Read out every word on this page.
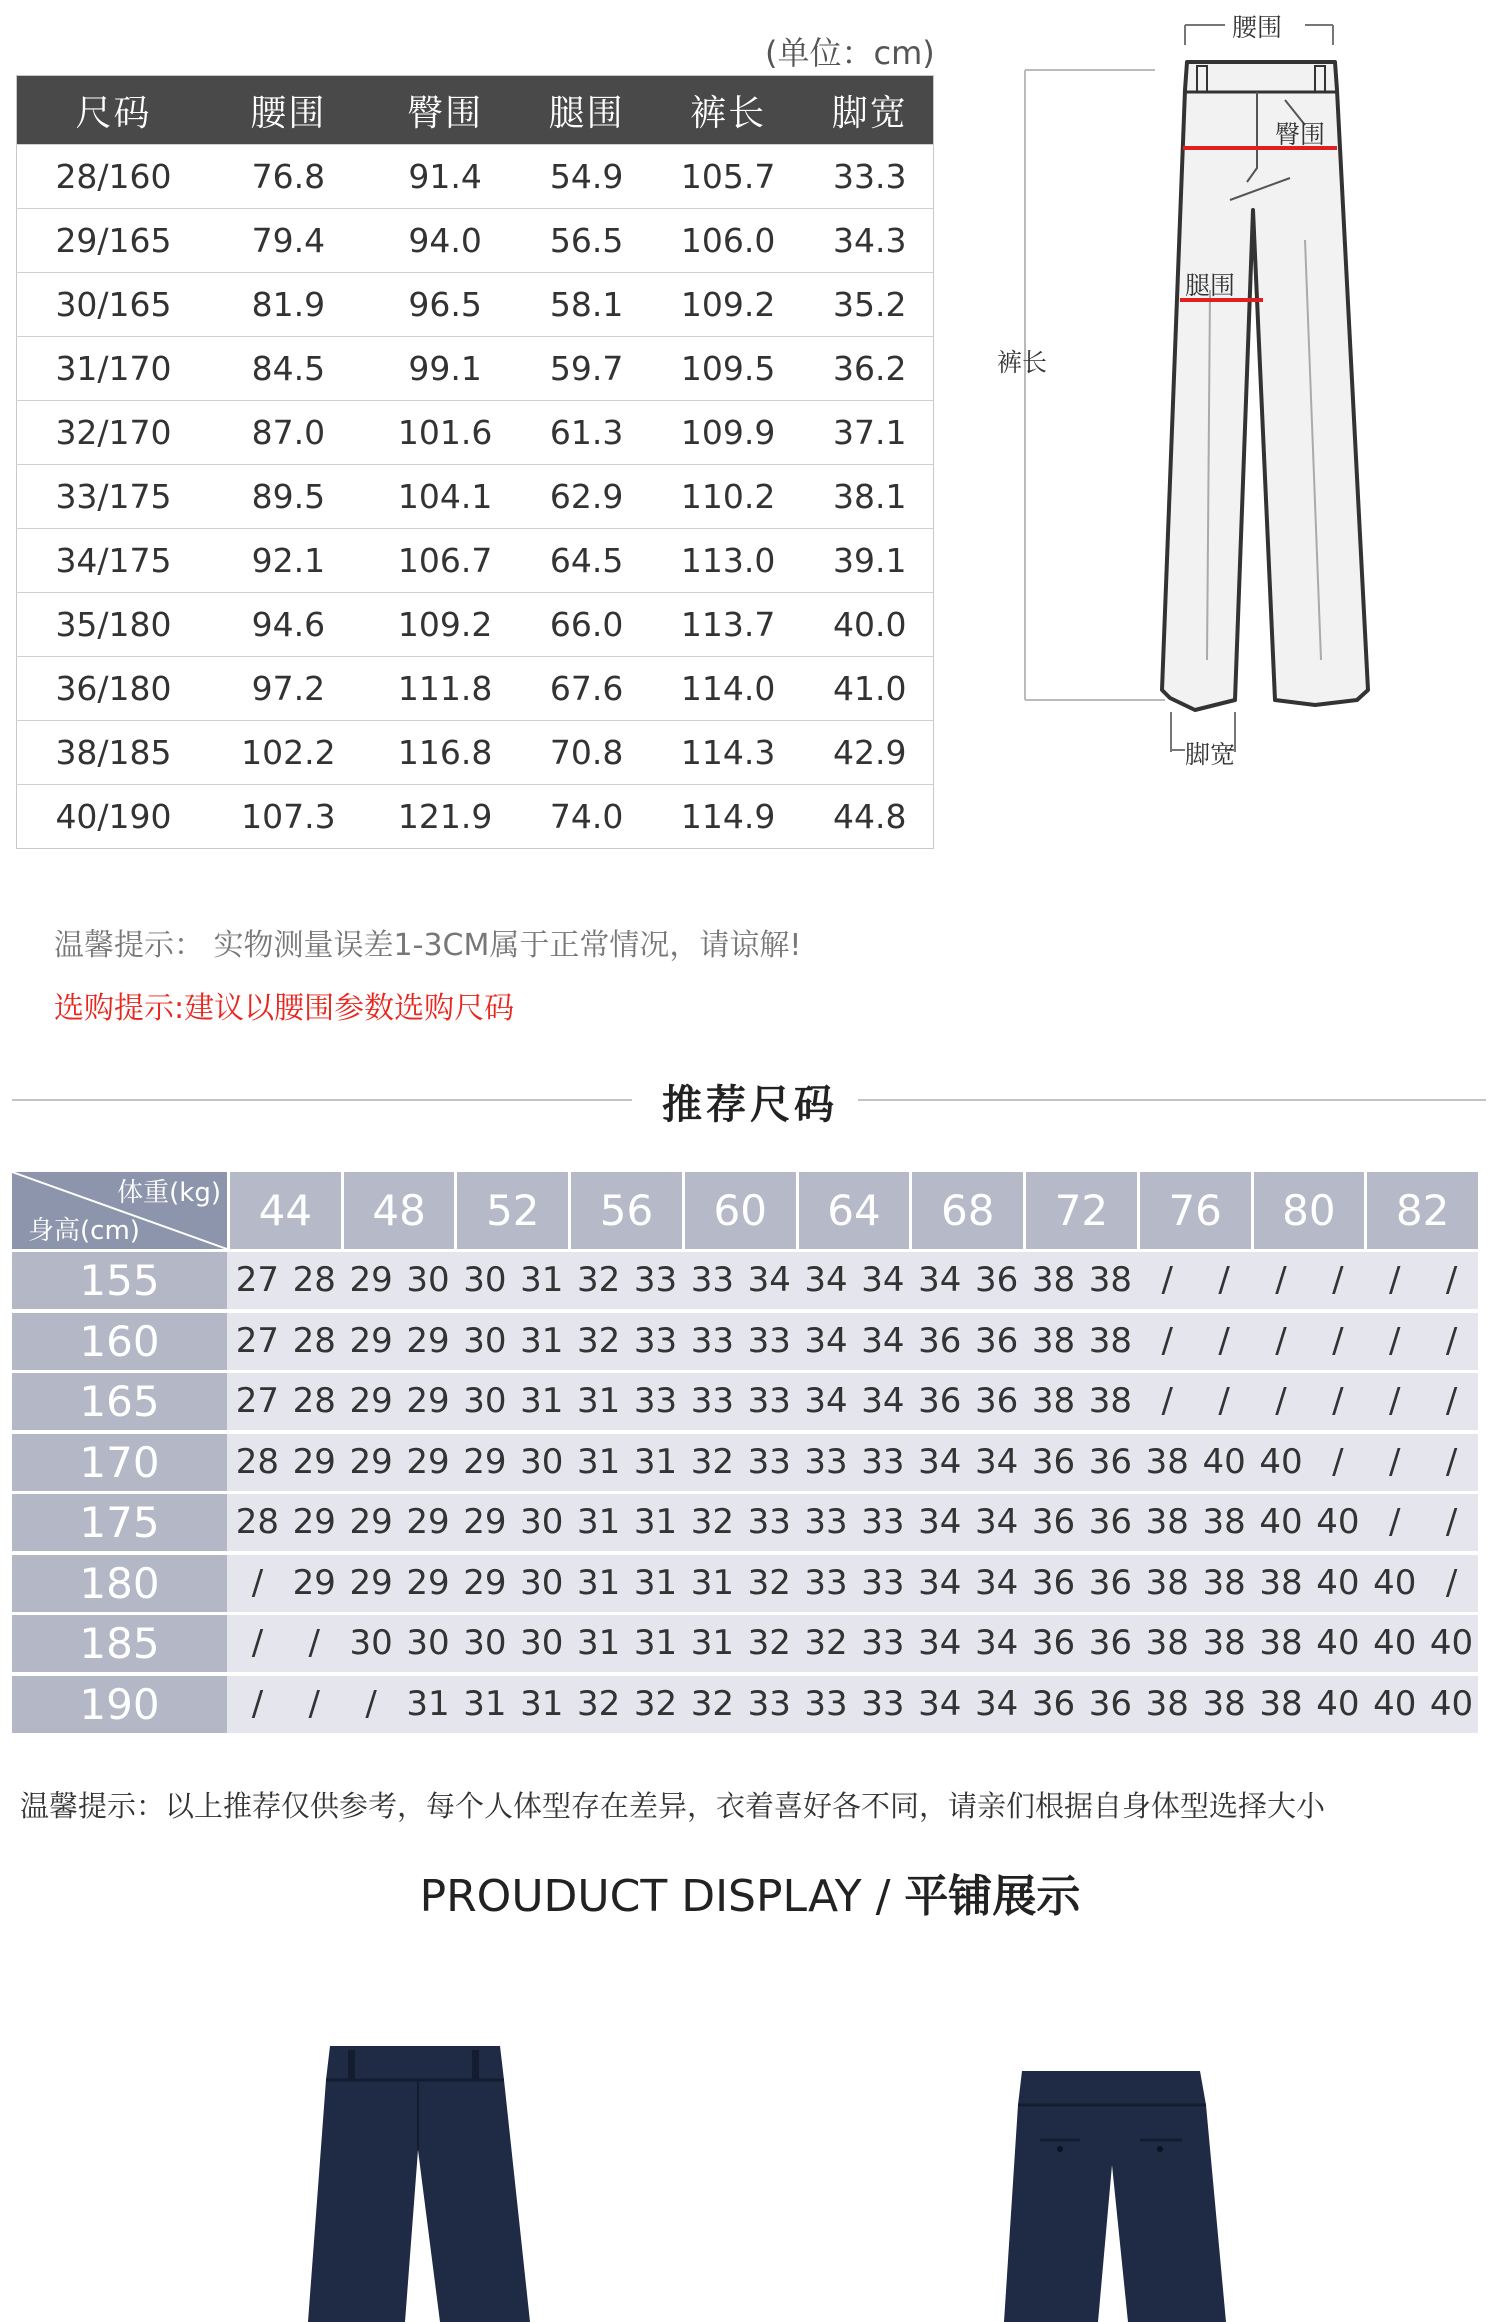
(单位：cm)
尺码	腰围	臀围	腿围	裤长	脚宽
28/160	76.8	91.4	54.9	105.7	33.3
29/165	79.4	94.0	56.5	106.0	34.3
30/165	81.9	96.5	58.1	109.2	35.2
31/170	84.5	99.1	59.7	109.5	36.2
32/170	87.0	101.6	61.3	109.9	37.1
33/175	89.5	104.1	62.9	110.2	38.1
34/175	92.1	106.7	64.5	113.0	39.1
35/180	94.6	109.2	66.0	113.7	40.0
36/180	97.2	111.8	67.6	114.0	41.0
38/185	102.2	116.8	70.8	114.3	42.9
40/190	107.3	121.9	74.0	114.9	44.8
腰围
臀围
腿围
裤长
脚宽
温馨提示： 实物测量误差1-3CM属于正常情况，请谅解!
选购提示:建议以腰围参数选购尺码
推荐尺码
体重(kg)
身高(cm)	44	48	52	56	60	64	68	72	76	80	82
155	27 28 29 30 30 31 32 33 33 34 34 34 34 36 38 38 / / / / / /
160	27 28 29 29 30 31 32 33 33 33 34 34 36 36 38 38 / / / / / /
165	27 28 29 29 30 31 31 33 33 33 34 34 36 36 38 38 / / / / / /
170	28 29 29 29 29 30 31 31 32 33 33 33 34 34 36 36 38 40 40 / / /
175	28 29 29 29 29 30 31 31 32 33 33 33 34 34 36 36 38 38 40 40 / /
180	/ 29 29 29 29 30 31 31 31 32 33 33 34 34 36 36 38 38 38 40 40 /
185	/ / 30 30 30 30 31 31 31 32 32 33 34 34 36 36 38 38 38 40 40 40
190	/ / / 31 31 31 32 32 32 33 33 33 34 34 36 36 38 38 38 40 40 40
温馨提示：以上推荐仅供参考，每个人体型存在差异，衣着喜好各不同，请亲们根据自身体型选择大小
PROUDUCT DISPLAY / 平铺展示
